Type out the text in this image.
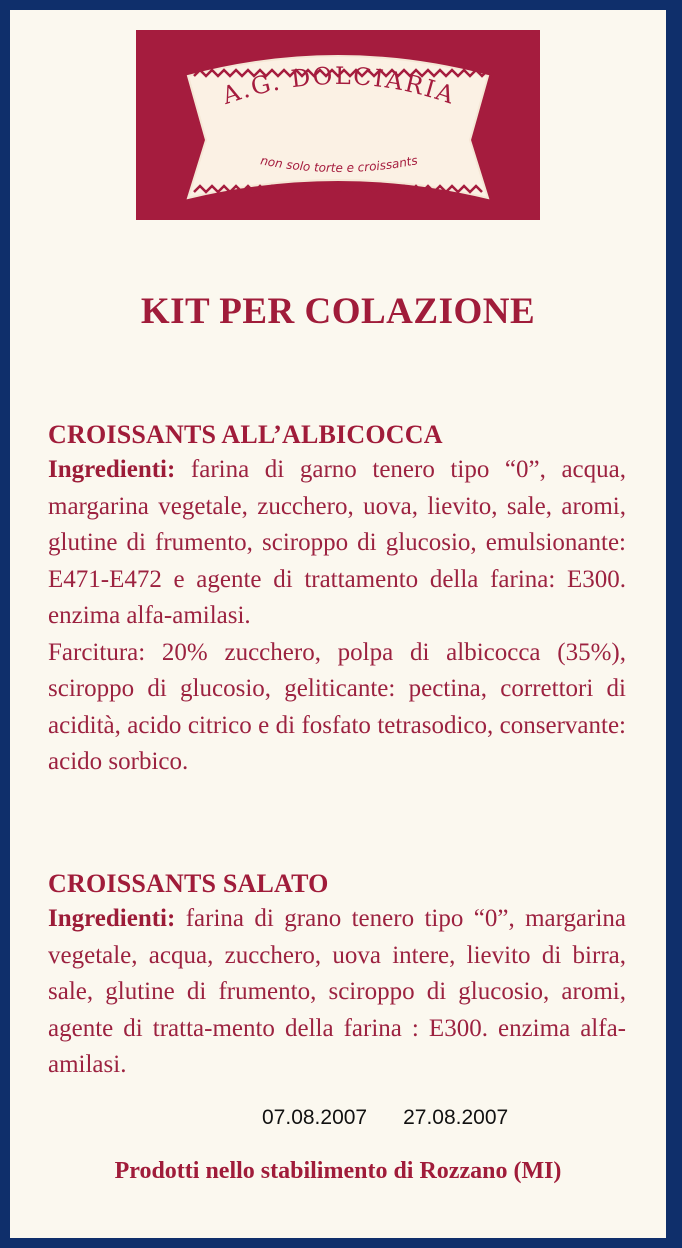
A.G. DOLCIARIA
non solo torte e croissants
KIT PER COLAZIONE
CROISSANTS ALL’ALBICOCCA
Ingredienti: farina di garno tenero tipo “0”, acqua, margarina vegetale, zucchero, uova, lievito, sale, aromi, glutine di frumento, sciroppo di glucosio, emulsionante: E471-E472 e agente di trattamento della farina: E300. enzima alfa-amilasi.
Farcitura: 20% zucchero, polpa di albicocca (35%), sciroppo di glucosio, geliticante: pectina, correttori di acidità, acido citrico e di fosfato tetrasodico, conservante: acido sorbico.
CROISSANTS SALATO
Ingredienti: farina di grano tenero tipo “0”, margarina vegetale, acqua, zucchero, uova intere, lievito di birra, sale, glutine di frumento, sciroppo di glucosio, aromi, agente di tratta-mento della farina : E300. enzima alfa-amilasi.
07.08.2007 27.08.2007
Prodotti nello stabilimento di Rozzano (MI)
